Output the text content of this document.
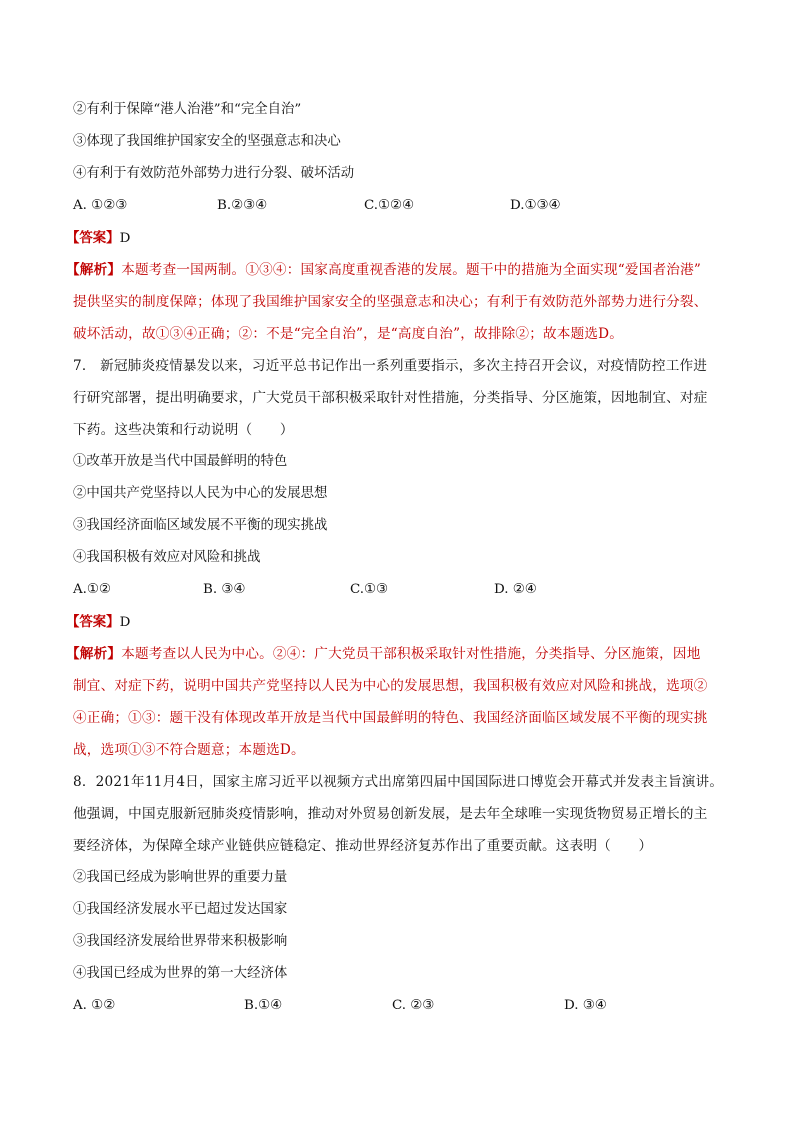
②有利于保障“港人治港”和“完全自治”
③体现了我国维护国家安全的坚强意志和决心
④有利于有效防范外部势力进行分裂、破坏活动
A. ①②③	B.②③④	C.①②④	D.①③④
【答案】D
【解析】本题考查一国两制。①③④：国家高度重视香港的发展。题干中的措施为全面实现“爱国者治港”
提供坚实的制度保障；体现了我国维护国家安全的坚强意志和决心；有利于有效防范外部势力进行分裂、
破坏活动，故①③④正确；②：不是“完全自治”，是“高度自治”，故排除②；故本题选D。
7． 新冠肺炎疫情暴发以来，习近平总书记作出一系列重要指示，多次主持召开会议，对疫情防控工作进
行研究部署，提出明确要求，广大党员干部积极采取针对性措施，分类指导、分区施策，因地制宜、对症
下药。这些决策和行动说明（　　）
①改革开放是当代中国最鲜明的特色
②中国共产党坚持以人民为中心的发展思想
③我国经济面临区域发展不平衡的现实挑战
④我国积极有效应对风险和挑战
A.①②	B. ③④	C.①③	D. ②④
【答案】D
【解析】本题考查以人民为中心。②④：广大党员干部积极采取针对性措施，分类指导、分区施策，因地
制宜、对症下药，说明中国共产党坚持以人民为中心的发展思想，我国积极有效应对风险和挑战，选项②
④正确；①③：题干没有体现改革开放是当代中国最鲜明的特色、我国经济面临区域发展不平衡的现实挑
战，选项①③不符合题意；本题选D。
8．2021年11月4日，国家主席习近平以视频方式出席第四届中国国际进口博览会开幕式并发表主旨演讲。
他强调，中国克服新冠肺炎疫情影响，推动对外贸易创新发展，是去年全球唯一实现货物贸易正增长的主
要经济体，为保障全球产业链供应链稳定、推动世界经济复苏作出了重要贡献。这表明（　　）
②我国已经成为影响世界的重要力量
①我国经济发展水平已超过发达国家
③我国经济发展给世界带来积极影响
④我国已经成为世界的第一大经济体
A. ①②	B.①④	C. ②③	D. ③④
